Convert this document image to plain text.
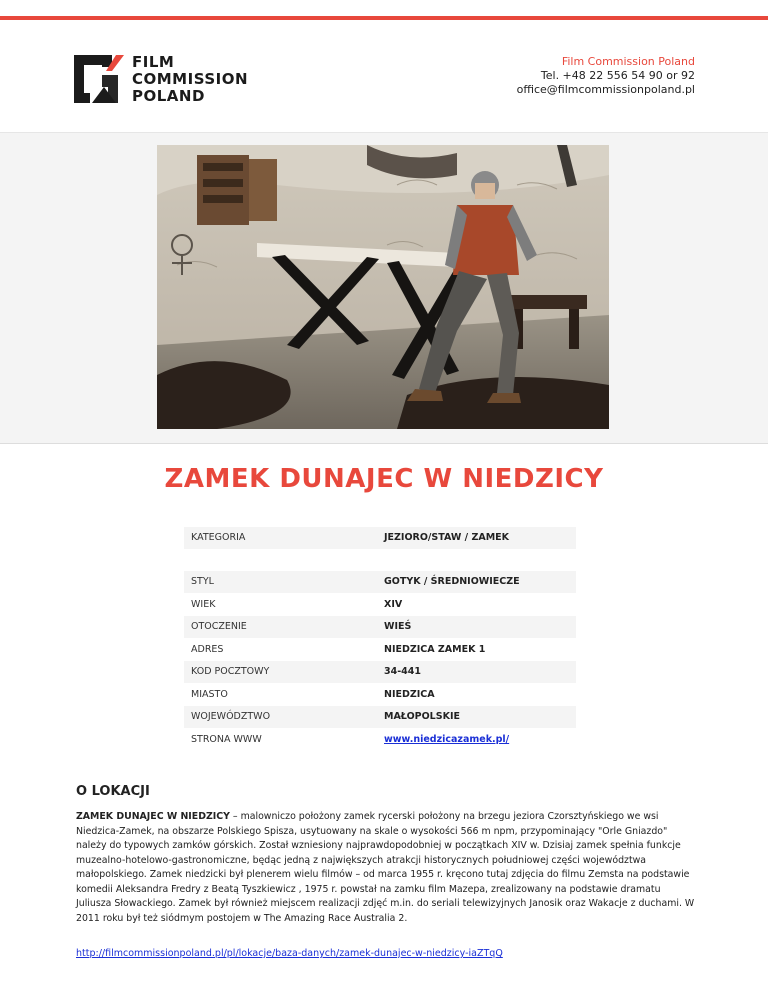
FILM
COMMISSION
POLAND
Film Commission Poland
Tel. +48 22 556 54 90 or 92
office@filmcommissionpoland.pl
ZAMEK DUNAJEC W NIEDZICY
KATEGORIA	JEZIORO/STAW / ZAMEK
STYL	GOTYK / ŚREDNIOWIECZE
WIEK	XIV
OTOCZENIE	WIEŚ
ADRES	NIEDZICA ZAMEK 1
KOD POCZTOWY	34-441
MIASTO	NIEDZICA
WOJEWÓDZTWO	MAŁOPOLSKIE
STRONA WWW	www.niedzicazamek.pl/
O LOKACJI
ZAMEK DUNAJEC W NIEDZICY – malowniczo położony zamek rycerski położony na brzegu jeziora Czorsztyńskiego we wsi Niedzica-Zamek, na obszarze Polskiego Spisza, usytuowany na skale o wysokości 566 m npm, przypominający "Orle Gniazdo" należy do typowych zamków górskich. Został wzniesiony najprawdopodobniej w początkach XIV w. Dzisiaj zamek spełnia funkcje muzealno-hotelowo-gastronomiczne, będąc jedną z największych atrakcji historycznych południowej części województwa małopolskiego. Zamek niedzicki był plenerem wielu filmów – od marca 1955 r. kręcono tutaj zdjęcia do filmu Zemsta na podstawie komedii Aleksandra Fredry z Beatą Tyszkiewicz , 1975 r. powstał na zamku film Mazepa, zrealizowany na podstawie dramatu Juliusza Słowackiego. Zamek był również miejscem realizacji zdjęć m.in. do seriali telewizyjnych Janosik oraz Wakacje z duchami. W 2011 roku był też siódmym postojem w The Amazing Race Australia 2.
http://filmcommissionpoland.pl/pl/lokacje/baza-danych/zamek-dunajec-w-niedzicy-iaZTqQ
